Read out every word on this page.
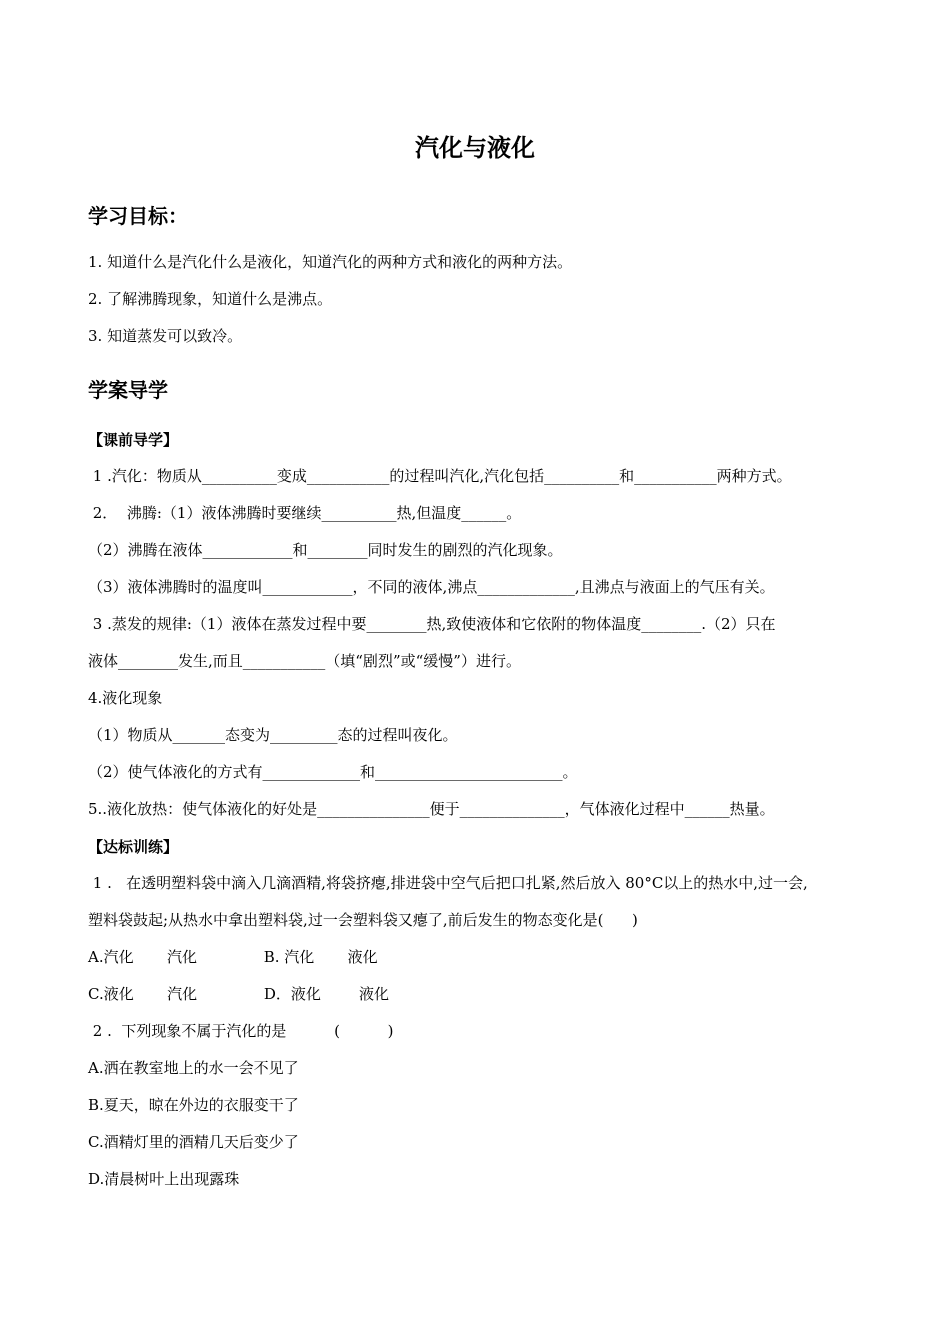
汽化与液化
学习目标：
1. 知道什么是汽化什么是液化，知道汽化的两种方式和液化的两种方法。
2. 了解沸腾现象，知道什么是沸点。
3. 知道蒸发可以致冷。
学案导学
【课前导学】
1 .汽化：物质从__________变成___________的过程叫汽化,汽化包括__________和___________两种方式。
2．  沸腾:（1）液体沸腾时要继续__________热,但温度______。
（2）沸腾在液体____________和________同时发生的剧烈的汽化现象。
（3）液体沸腾时的温度叫____________，不同的液体,沸点_____________,且沸点与液面上的气压有关。
3 .蒸发的规律:（1）液体在蒸发过程中要________热,致使液体和它依附的物体温度________.（2）只在
液体________发生,而且___________（填“剧烈”或“缓慢”）进行。
4.液化现象
（1）物质从_______态变为_________态的过程叫夜化。
（2）使气体液化的方式有_____________和_________________________。
5..液化放热：使气体液化的好处是_______________便于______________，气体液化过程中______热量。
【达标训练】
1 .   在透明塑料袋中滴入几滴酒精,将袋挤瘪,排进袋中空气后把口扎紧,然后放入 80°C以上的热水中,过一会,
塑料袋鼓起;从热水中拿出塑料袋,过一会塑料袋又瘪了,前后发生的物态变化是(      )
A.汽化       汽化              B. 汽化       液化
C.液化       汽化              D．液化        液化
2 .  下列现象不属于汽化的是          (          )
A.洒在教室地上的水一会不见了
B.夏天，晾在外边的衣服变干了
C.酒精灯里的酒精几天后变少了
D.清晨树叶上出现露珠
